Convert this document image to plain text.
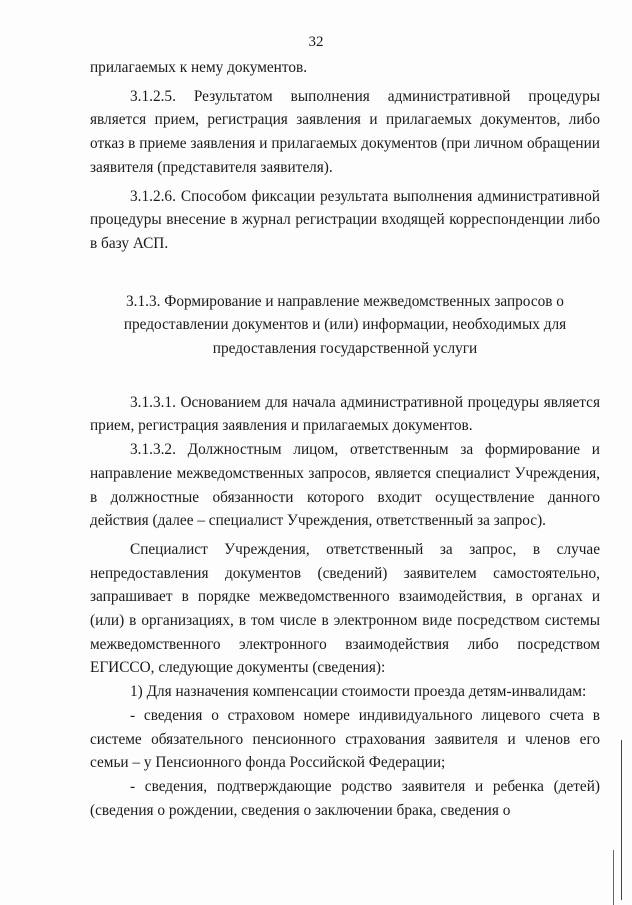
32

прилагаемых к нему документов.

3.1.2.5. Результатом выполнения административной процедуры является прием, регистрация заявления и прилагаемых документов, либо отказ в приеме заявления и прилагаемых документов (при личном обращении заявителя (представителя заявителя).

3.1.2.6. Способом фиксации результата выполнения административной процедуры внесение в журнал регистрации входящей корреспонденции либо в базу АСП.

3.1.3. Формирование и направление межведомственных запросов о предоставлении документов и (или) информации, необходимых для предоставления государственной услуги

3.1.3.1. Основанием для начала административной процедуры является прием, регистрация заявления и прилагаемых документов.

3.1.3.2. Должностным лицом, ответственным за формирование и направление межведомственных запросов, является специалист Учреждения, в должностные обязанности которого входит осуществление данного действия (далее – специалист Учреждения, ответственный за запрос).

Специалист Учреждения, ответственный за запрос, в случае непредоставления документов (сведений) заявителем самостоятельно, запрашивает в порядке межведомственного взаимодействия, в органах и (или) в организациях, в том числе в электронном виде посредством системы межведомственного электронного взаимодействия либо посредством ЕГИССО, следующие документы (сведения):

1) Для назначения компенсации стоимости проезда детям-инвалидам:

- сведения о страховом номере индивидуального лицевого счета в системе обязательного пенсионного страхования заявителя и членов его семьи – у Пенсионного фонда Российской Федерации;

- сведения, подтверждающие родство заявителя и ребенка (детей) (сведения о рождении, сведения о заключении брака, сведения о
